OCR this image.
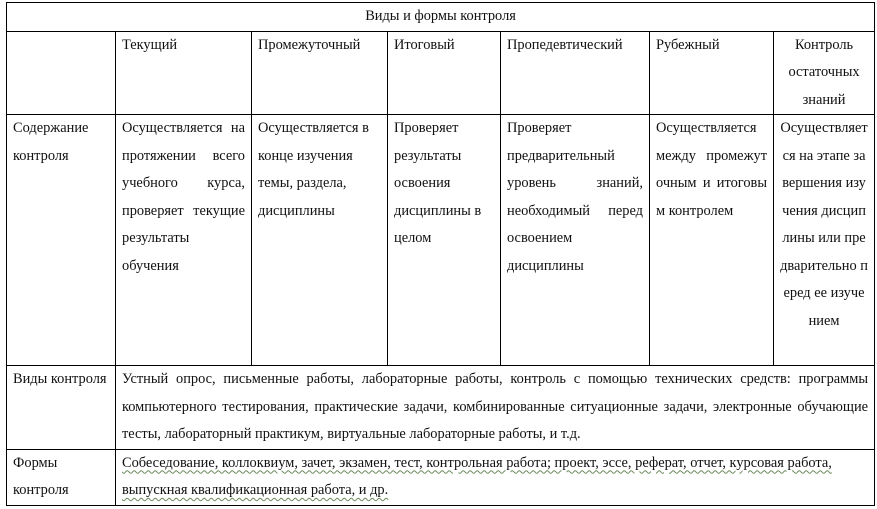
Виды и формы контроля						
	Текущий	Промежуточный	Итоговый	Пропедевтический	Рубежный	Контроль остаточных знаний
Содержание контроля	Осуществляется на протяжении всего учебного курса, проверяет текущие результаты обучения	Осуществляется в конце изучения темы, раздела, дисциплины	Проверяет результаты освоения дисциплины в целом	Проверяет предварительный уровень знаний, необходимый перед освоением дисциплины	Осуществляется между промежуточным и итоговым контролем	Осуществляется на этапе завершения изучения дисциплины или предварительно перед ее изучением
Виды контроля	Устный опрос, письменные работы, лабораторные работы, контроль с помощью технических средств: программы компьютерного тестирования, практические задачи, комбинированные ситуационные задачи, электронные обучающие тесты, лабораторный практикум, виртуальные лабораторные работы, и т.д.					
Формы контроля	Собеседование, коллоквиум, зачет, экзамен, тест, контрольная работа; проект, эссе, реферат, отчет, курсовая работа, выпускная квалификационная работа, и др.					
